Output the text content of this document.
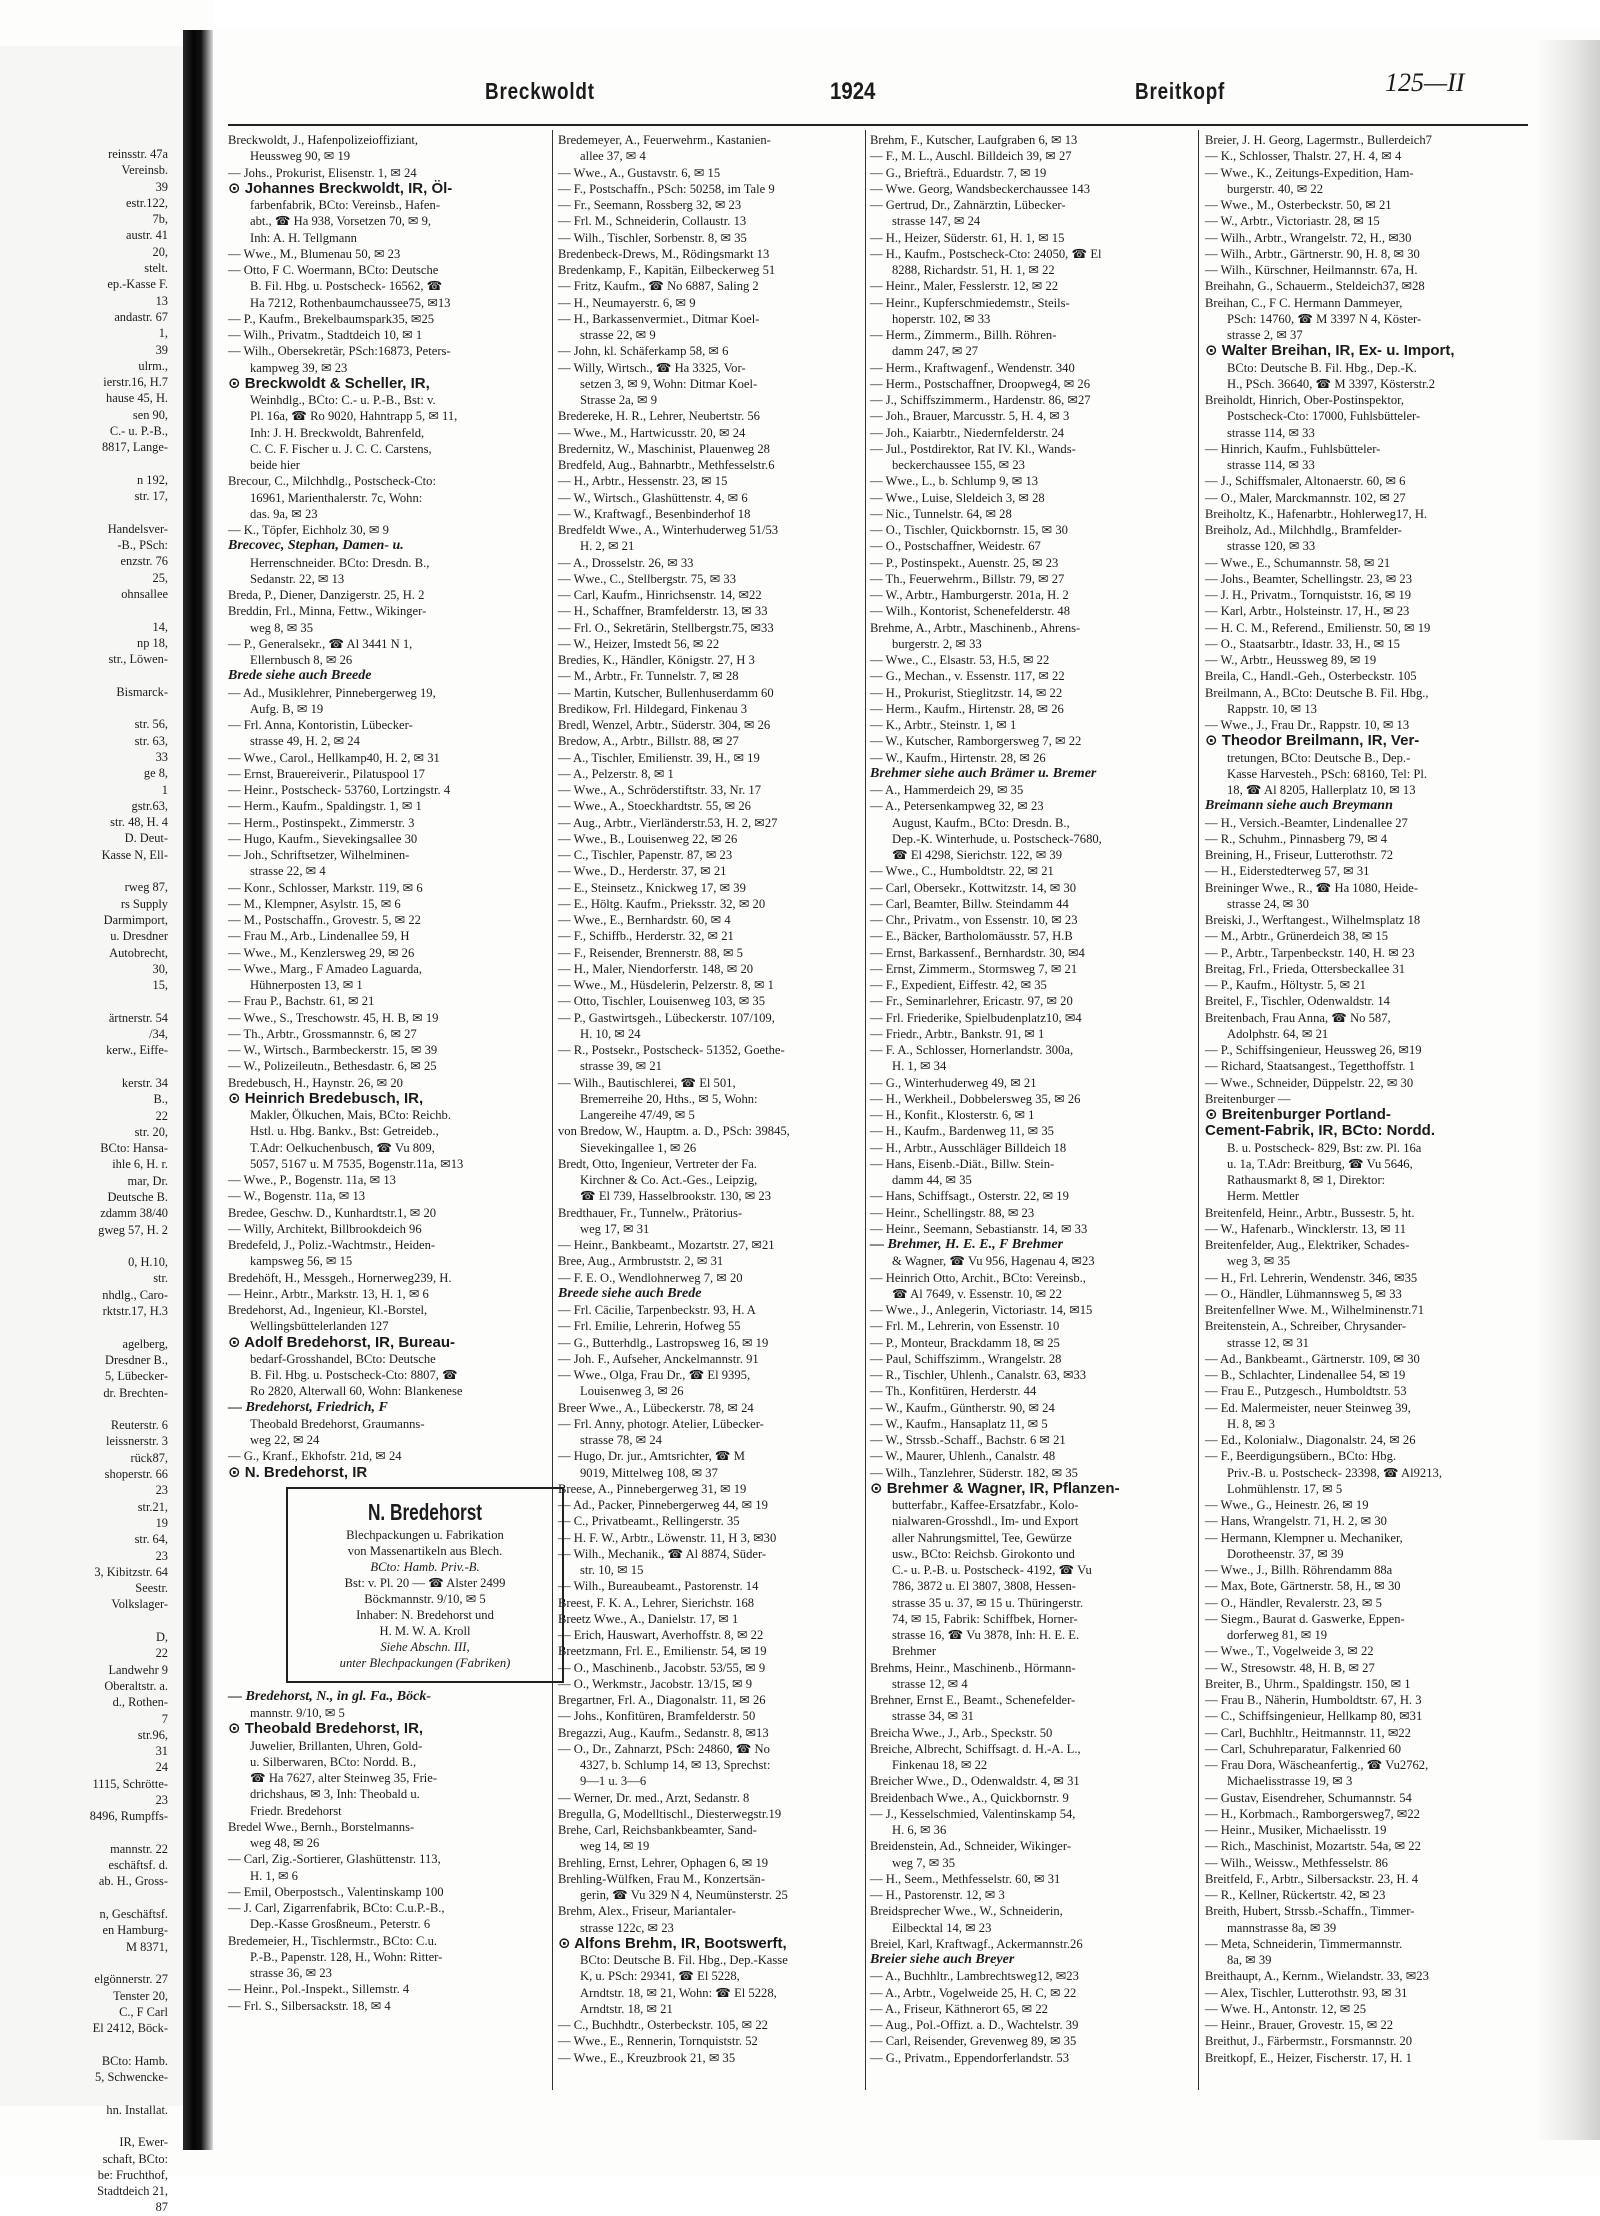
reinsstr. 47a
Vereinsb.
39
estr.122,
7b,
austr. 41
20,
stelt.
ep.-Kasse F.
13
andastr. 67
1,
39
ulrm.,
ierstr.16, H.7
hause 45, H.
sen 90,
C.- u. P.-B.,
8817, Lange-

n 192,
str. 17,

Handelsver-
-B., PSch:
enzstr. 76
25,
ohnsallee

14,
np 18,
str., Löwen-

Bismarck-

str. 56,
str. 63,
33
ge 8,
1
gstr.63,
str. 48, H. 4
D. Deut-
Kasse N, Ell-

rweg 87,
rs Supply
Darmimport,
u. Dresdner
Autobrecht,
30,
15,

ärtnerstr. 54
/34,
kerw., Eiffe-

kerstr. 34
B.,
22
str. 20,
BCto: Hansa-
ihle 6, H. r.
mar, Dr.
Deutsche B.
zdamm 38/40
gweg 57, H. 2

0, H.10,
str.
nhdlg., Caro-
rktstr.17, H.3

agelberg,
Dresdner B.,
5, Lübecker-
dr. Brechten-

Reuterstr. 6
leissnerstr. 3
rück87,
shoperstr. 66
23
str.21,
19
str. 64,
23
3, Kibitzstr. 64
Seestr.
Volkslager-

D,
22
Landwehr 9
Oberaltstr. a.
d., Rothen-
7
str.96,
31
24
1115, Schrötte-
23
8496, Rumpffs-

mannstr. 22
eschäftsf. d.
ab. H., Gross-

n, Geschäftsf.
en Hamburg-
M 8371,

elgönnerstr. 27
Tenster 20,
C., F Carl
El 2412, Böck-

BCto: Hamb.
5, Schwencke-

hn. Installat.

IR, Ewer-
schaft, BCto:
be: Fruchthof,
Stadtdeich 21,
87
Breckwoldt	1924	Breitkopf	125—II
Breckwoldt, J., Hafenpolizeioffiziant,
Heussweg 90, ✉ 19
— Johs., Prokurist, Elisenstr. 1, ✉ 24
⊙ Johannes Breckwoldt, IR, Öl-
farbenfabrik, BCto: Vereinsb., Hafen-
abt., ☎ Ha 938, Vorsetzen 70, ✉ 9,
Inh: A. H. Tellgmann
— Wwe., M., Blumenau 50, ✉ 23
— Otto, F C. Woermann, BCto: Deutsche
B. Fil. Hbg. u. Postscheck- 16562, ☎
Ha 7212, Rothenbaumchaussee75, ✉13
— P., Kaufm., Brekelbaumspark35, ✉25
— Wilh., Privatm., Stadtdeich 10, ✉ 1
— Wilh., Obersekretär, PSch:16873, Peters-
kampweg 39, ✉ 23
⊙ Breckwoldt & Scheller, IR,
Weinhdlg., BCto: C.- u. P.-B., Bst: v.
Pl. 16a, ☎ Ro 9020, Hahntrapp 5, ✉ 11,
Inh: J. H. Breckwoldt, Bahrenfeld,
C. C. F. Fischer u. J. C. C. Carstens,
beide hier
Brecour, C., Milchhdlg., Postscheck-Cto:
16961, Marienthalerstr. 7c, Wohn:
das. 9a, ✉ 23
— K., Töpfer, Eichholz 30, ✉ 9
Brecovec, Stephan, Damen- u.
Herrenschneider. BCto: Dresdn. B.,
Sedanstr. 22, ✉ 13
Breda, P., Diener, Danzigerstr. 25, H. 2
Breddin, Frl., Minna, Fettw., Wikinger-
weg 8, ✉ 35
— P., Generalsekr., ☎ Al 3441 N 1,
Ellernbusch 8, ✉ 26
Brede siehe auch Breede
— Ad., Musiklehrer, Pinnebergerweg 19,
Aufg. B, ✉ 19
— Frl. Anna, Kontoristin, Lübecker-
strasse 49, H. 2, ✉ 24
— Wwe., Carol., Hellkamp40, H. 2, ✉ 31
— Ernst, Brauereiverir., Pilatuspool 17
— Heinr., Postscheck- 53760, Lortzingstr. 4
— Herm., Kaufm., Spaldingstr. 1, ✉ 1
— Herm., Postinspekt., Zimmerstr. 3
— Hugo, Kaufm., Sievekingsallee 30
— Joh., Schriftsetzer, Wilhelminen-
strasse 22, ✉ 4
— Konr., Schlosser, Markstr. 119, ✉ 6
— M., Klempner, Asylstr. 15, ✉ 6
— M., Postschaffn., Grovestr. 5, ✉ 22
— Frau M., Arb., Lindenallee 59, H
— Wwe., M., Kenzlersweg 29, ✉ 26
— Wwe., Marg., F Amadeo Laguarda,
Hühnerposten 13, ✉ 1
— Frau P., Bachstr. 61, ✉ 21
— Wwe., S., Treschowstr. 45, H. B, ✉ 19
— Th., Arbtr., Grossmannstr. 6, ✉ 27
— W., Wirtsch., Barmbeckerstr. 15, ✉ 39
— W., Polizeileutn., Bethesdastr. 6, ✉ 25
Bredebusch, H., Haynstr. 26, ✉ 20
⊙ Heinrich Bredebusch, IR,
Makler, Ölkuchen, Mais, BCto: Reichb.
Hstl. u. Hbg. Bankv., Bst: Getreideb.,
T.Adr: Oelkuchenbusch, ☎ Vu 809,
5057, 5167 u. M 7535, Bogenstr.11a, ✉13
— Wwe., P., Bogenstr. 11a, ✉ 13
— W., Bogenstr. 11a, ✉ 13
Bredee, Geschw. D., Kunhardtstr.1, ✉ 20
— Willy, Architekt, Billbrookdeich 96
Bredefeld, J., Poliz.-Wachtmstr., Heiden-
kampsweg 56, ✉ 15
Bredehöft, H., Messgeh., Hornerweg239, H.
— Heinr., Arbtr., Markstr. 13, H. 1, ✉ 6
Bredehorst, Ad., Ingenieur, Kl.-Borstel,
Wellingsbüttelerlanden 127
⊙ Adolf Bredehorst, IR, Bureau-
bedarf-Grosshandel, BCto: Deutsche
B. Fil. Hbg. u. Postscheck-Cto: 8807, ☎
Ro 2820, Alterwall 60, Wohn: Blankenese
— Bredehorst, Friedrich, F
Theobald Bredehorst, Graumanns-
weg 22, ✉ 24
— G., Kranf., Ekhofstr. 21d, ✉ 24
⊙ N. Bredehorst, IR
N. Bredehorst
Blechpackungen u. Fabrikation
von Massenartikeln aus Blech.
BCto: Hamb. Priv.-B.
Bst: v. Pl. 20 — ☎ Alster 2499
Böckmannstr. 9/10, ✉ 5
Inhaber: N. Bredehorst und
H. M. W. A. Kroll
Siehe Abschn. III,
unter Blechpackungen (Fabriken)
— Bredehorst, N., in gl. Fa., Böck-
mannstr. 9/10, ✉ 5
⊙ Theobald Bredehorst, IR,
Juwelier, Brillanten, Uhren, Gold-
u. Silberwaren, BCto: Nordd. B.,
☎ Ha 7627, alter Steinweg 35, Frie-
drichshaus, ✉ 3, Inh: Theobald u.
Friedr. Bredehorst
Bredel Wwe., Bernh., Borstelmanns-
weg 48, ✉ 26
— Carl, Zig.-Sortierer, Glashüttenstr. 113,
H. 1, ✉ 6
— Emil, Oberpostsch., Valentinskamp 100
— J. Carl, Zigarrenfabrik, BCto: C.u.P.-B.,
Dep.-Kasse Grosßneum., Peterstr. 6
Bredemeier, H., Tischlermstr., BCto: C.u.
P.-B., Papenstr. 128, H., Wohn: Ritter-
strasse 36, ✉ 23
— Heinr., Pol.-Inspekt., Sillemstr. 4
— Frl. S., Silbersackstr. 18, ✉ 4
Bredemeyer, A., Feuerwehrm., Kastanien-
allee 37, ✉ 4
— Wwe., A., Gustavstr. 6, ✉ 15
— F., Postschaffn., PSch: 50258, im Tale 9
— Fr., Seemann, Rossberg 32, ✉ 23
— Frl. M., Schneiderin, Collaustr. 13
— Wilh., Tischler, Sorbenstr. 8, ✉ 35
Bredenbeck-Drews, M., Rödingsmarkt 13
Bredenkamp, F., Kapitän, Eilbeckerweg 51
— Fritz, Kaufm., ☎ No 6887, Saling 2
— H., Neumayerstr. 6, ✉ 9
— H., Barkassenvermiet., Ditmar Koel-
strasse 22, ✉ 9
— John, kl. Schäferkamp 58, ✉ 6
— Willy, Wirtsch., ☎ Ha 3325, Vor-
setzen 3, ✉ 9, Wohn: Ditmar Koel-
Strasse 2a, ✉ 9
Bredereke, H. R., Lehrer, Neubertstr. 56
— Wwe., M., Hartwicusstr. 20, ✉ 24
Bredernitz, W., Maschinist, Plauenweg 28
Bredfeld, Aug., Bahnarbtr., Methfesselstr.6
— H., Arbtr., Hessenstr. 23, ✉ 15
— W., Wirtsch., Glashüttenstr. 4, ✉ 6
— W., Kraftwagf., Besenbinderhof 18
Bredfeldt Wwe., A., Winterhuderweg 51/53
H. 2, ✉ 21
— A., Drosselstr. 26, ✉ 33
— Wwe., C., Stellbergstr. 75, ✉ 33
— Carl, Kaufm., Hinrichsenstr. 14, ✉22
— H., Schaffner, Bramfelderstr. 13, ✉ 33
— Frl. O., Sekretärin, Stellbergstr.75, ✉33
— W., Heizer, Imstedt 56, ✉ 22
Bredies, K., Händler, Königstr. 27, H 3
— M., Arbtr., Fr. Tunnelstr. 7, ✉ 28
— Martin, Kutscher, Bullenhuserdamm 60
Bredikow, Frl. Hildegard, Finkenau 3
Bredl, Wenzel, Arbtr., Süderstr. 304, ✉ 26
Bredow, A., Arbtr., Billstr. 88, ✉ 27
— A., Tischler, Emilienstr. 39, H., ✉ 19
— A., Pelzerstr. 8, ✉ 1
— Wwe., A., Schröderstiftstr. 33, Nr. 17
— Wwe., A., Stoeckhardtstr. 55, ✉ 26
— Aug., Arbtr., Vierländerstr.53, H. 2, ✉27
— Wwe., B., Louisenweg 22, ✉ 26
— C., Tischler, Papenstr. 87, ✉ 23
— Wwe., D., Herderstr. 37, ✉ 21
— E., Steinsetz., Knickweg 17, ✉ 39
— E., Höltg. Kaufm., Prieksstr. 32, ✉ 20
— Wwe., E., Bernhardstr. 60, ✉ 4
— F., Schiffb., Herderstr. 32, ✉ 21
— F., Reisender, Brennerstr. 88, ✉ 5
— H., Maler, Niendorferstr. 148, ✉ 20
— Wwe., M., Hüsdelerin, Pelzerstr. 8, ✉ 1
— Otto, Tischler, Louisenweg 103, ✉ 35
— P., Gastwirtsgeh., Lübeckerstr. 107/109,
H. 10, ✉ 24
— R., Postsekr., Postscheck- 51352, Goethe-
strasse 39, ✉ 21
— Wilh., Bautischlerei, ☎ El 501,
Bremerreihe 20, Hths., ✉ 5, Wohn:
Langereihe 47/49, ✉ 5
von Bredow, W., Hauptm. a. D., PSch: 39845,
Sievekingallee 1, ✉ 26
Bredt, Otto, Ingenieur, Vertreter der Fa.
Kirchner & Co. Act.-Ges., Leipzig,
☎ El 739, Hasselbrookstr. 130, ✉ 23
Bredthauer, Fr., Tunnelw., Prätorius-
weg 17, ✉ 31
— Heinr., Bankbeamt., Mozartstr. 27, ✉21
Bree, Aug., Armbruststr. 2, ✉ 31
— F. E. O., Wendlohnerweg 7, ✉ 20
Breede siehe auch Brede
— Frl. Cäcilie, Tarpenbeckstr. 93, H. A
— Frl. Emilie, Lehrerin, Hofweg 55
— G., Butterhdlg., Lastropsweg 16, ✉ 19
— Joh. F., Aufseher, Anckelmannstr. 91
— Wwe., Olga, Frau Dr., ☎ El 9395,
Louisenweg 3, ✉ 26
Breer Wwe., A., Lübeckerstr. 78, ✉ 24
— Frl. Anny, photogr. Atelier, Lübecker-
strasse 78, ✉ 24
— Hugo, Dr. jur., Amtsrichter, ☎ M
9019, Mittelweg 108, ✉ 37
Breese, A., Pinnebergerweg 31, ✉ 19
— Ad., Packer, Pinnebergerweg 44, ✉ 19
— C., Privatbeamt., Rellingerstr. 35
— H. F. W., Arbtr., Löwenstr. 11, H 3, ✉30
— Wilh., Mechanik., ☎ Al 8874, Süder-
str. 10, ✉ 15
— Wilh., Bureaubeamt., Pastorenstr. 14
Breest, F. K. A., Lehrer, Sierichstr. 168
Breetz Wwe., A., Danielstr. 17, ✉ 1
— Erich, Hauswart, Averhoffstr. 8, ✉ 22
Breetzmann, Frl. E., Emilienstr. 54, ✉ 19
— O., Maschinenb., Jacobstr. 53/55, ✉ 9
— O., Werkmstr., Jacobstr. 13/15, ✉ 9
Bregartner, Frl. A., Diagonalstr. 11, ✉ 26
— Johs., Konfitüren, Bramfelderstr. 50
Bregazzi, Aug., Kaufm., Sedanstr. 8, ✉13
— O., Dr., Zahnarzt, PSch: 24860, ☎ No
4327, b. Schlump 14, ✉ 13, Sprechst:
9—1 u. 3—6
— Werner, Dr. med., Arzt, Sedanstr. 8
Bregulla, G, Modelltischl., Diesterwegstr.19
Brehe, Carl, Reichsbankbeamter, Sand-
weg 14, ✉ 19
Brehling, Ernst, Lehrer, Ophagen 6, ✉ 19
Brehling-Wülfken, Frau M., Konzertsän-
gerin, ☎ Vu 329 N 4, Neumünsterstr. 25
Brehm, Alex., Friseur, Mariantaler-
strasse 122c, ✉ 23
⊙ Alfons Brehm, IR, Bootswerft,
BCto: Deutsche B. Fil. Hbg., Dep.-Kasse
K, u. PSch: 29341, ☎ El 5228,
Arndtstr. 18, ✉ 21, Wohn: ☎ El 5228,
Arndtstr. 18, ✉ 21
— C., Buchhdtr., Osterbeckstr. 105, ✉ 22
— Wwe., E., Rennerin, Tornquiststr. 52
— Wwe., E., Kreuzbrook 21, ✉ 35
Brehm, F., Kutscher, Laufgraben 6, ✉ 13
— F., M. L., Auschl. Billdeich 39, ✉ 27
— G., Briefträ., Eduardstr. 7, ✉ 19
— Wwe. Georg, Wandsbeckerchaussee 143
— Gertrud, Dr., Zahnärztin, Lübecker-
strasse 147, ✉ 24
— H., Heizer, Süderstr. 61, H. 1, ✉ 15
— H., Kaufm., Postscheck-Cto: 24050, ☎ El
8288, Richardstr. 51, H. 1, ✉ 22
— Heinr., Maler, Fesslerstr. 12, ✉ 22
— Heinr., Kupferschmiedemstr., Steils-
hoperstr. 102, ✉ 33
— Herm., Zimmerm., Billh. Röhren-
damm 247, ✉ 27
— Herm., Kraftwagenf., Wendenstr. 340
— Herm., Postschaffner, Droopweg4, ✉ 26
— J., Schiffszimmerm., Hardenstr. 86, ✉27
— Joh., Brauer, Marcusstr. 5, H. 4, ✉ 3
— Joh., Kaiarbtr., Niedernfelderstr. 24
— Jul., Postdirektor, Rat IV. Kl., Wands-
beckerchaussee 155, ✉ 23
— Wwe., L., b. Schlump 9, ✉ 13
— Wwe., Luise, Sleldeich 3, ✉ 28
— Nic., Tunnelstr. 64, ✉ 28
— O., Tischler, Quickbornstr. 15, ✉ 30
— O., Postschaffner, Weidestr. 67
— P., Postinspekt., Auenstr. 25, ✉ 23
— Th., Feuerwehrm., Billstr. 79, ✉ 27
— W., Arbtr., Hamburgerstr. 201a, H. 2
— Wilh., Kontorist, Schenefelderstr. 48
Brehme, A., Arbtr., Maschinenb., Ahrens-
burgerstr. 2, ✉ 33
— Wwe., C., Elsastr. 53, H.5, ✉ 22
— G., Mechan., v. Essenstr. 117, ✉ 22
— H., Prokurist, Stieglitzstr. 14, ✉ 22
— Herm., Kaufm., Hirtenstr. 28, ✉ 26
— K., Arbtr., Steinstr. 1, ✉ 1
— W., Kutscher, Ramborgersweg 7, ✉ 22
— W., Kaufm., Hirtenstr. 28, ✉ 26
Brehmer siehe auch Brämer u. Bremer
— A., Hammerdeich 29, ✉ 35
— A., Petersenkampweg 32, ✉ 23
August, Kaufm., BCto: Dresdn. B.,
Dep.-K. Winterhude, u. Postscheck-7680,
☎ El 4298, Sierichstr. 122, ✉ 39
— Wwe., C., Humboldtstr. 22, ✉ 21
— Carl, Obersekr., Kottwitzstr. 14, ✉ 30
— Carl, Beamter, Billw. Steindamm 44
— Chr., Privatm., von Essenstr. 10, ✉ 23
— E., Bäcker, Bartholomäusstr. 57, H.B
— Ernst, Barkassenf., Bernhardstr. 30, ✉4
— Ernst, Zimmerm., Stormsweg 7, ✉ 21
— F., Expedient, Eiffestr. 42, ✉ 35
— Fr., Seminarlehrer, Ericastr. 97, ✉ 20
— Frl. Friederike, Spielbudenplatz10, ✉4
— Friedr., Arbtr., Bankstr. 91, ✉ 1
— F. A., Schlosser, Hornerlandstr. 300a,
H. 1, ✉ 34
— G., Winterhuderweg 49, ✉ 21
— H., Werkheil., Dobbelersweg 35, ✉ 26
— H., Konfit., Klosterstr. 6, ✉ 1
— H., Kaufm., Bardenweg 11, ✉ 35
— H., Arbtr., Ausschläger Billdeich 18
— Hans, Eisenb.-Diät., Billw. Stein-
damm 44, ✉ 35
— Hans, Schiffsagt., Osterstr. 22, ✉ 19
— Heinr., Schellingstr. 88, ✉ 23
— Heinr., Seemann, Sebastianstr. 14, ✉ 33
— Brehmer, H. E. E., F Brehmer
& Wagner, ☎ Vu 956, Hagenau 4, ✉23
— Heinrich Otto, Archit., BCto: Vereinsb.,
☎ Al 7649, v. Essenstr. 10, ✉ 22
— Wwe., J., Anlegerin, Victoriastr. 14, ✉15
— Frl. M., Lehrerin, von Essenstr. 10
— P., Monteur, Brackdamm 18, ✉ 25
— Paul, Schiffszimm., Wrangelstr. 28
— R., Tischler, Uhlenh., Canalstr. 63, ✉33
— Th., Konfitüren, Herderstr. 44
— W., Kaufm., Güntherstr. 90, ✉ 24
— W., Kaufm., Hansaplatz 11, ✉ 5
— W., Strssb.-Schaff., Bachstr. 6 ✉ 21
— W., Maurer, Uhlenh., Canalstr. 48
— Wilh., Tanzlehrer, Süderstr. 182, ✉ 35
⊙ Brehmer & Wagner, IR, Pflanzen-
butterfabr., Kaffee-Ersatzfabr., Kolo-
nialwaren-Grosshdl., Im- und Export
aller Nahrungsmittel, Tee, Gewürze
usw., BCto: Reichsb. Girokonto und
C.- u. P.-B. u. Postscheck- 4192, ☎ Vu
786, 3872 u. El 3807, 3808, Hessen-
strasse 35 u. 37, ✉ 15 u. Thüringerstr.
74, ✉ 15, Fabrik: Schiffbek, Horner-
strasse 16, ☎ Vu 3878, Inh: H. E. E.
Brehmer
Brehms, Heinr., Maschinenb., Hörmann-
strasse 12, ✉ 4
Brehner, Ernst E., Beamt., Schenefelder-
strasse 34, ✉ 31
Breicha Wwe., J., Arb., Speckstr. 50
Breiche, Albrecht, Schiffsagt. d. H.-A. L.,
Finkenau 18, ✉ 22
Breicher Wwe., D., Odenwaldstr. 4, ✉ 31
Breidenbach Wwe., A., Quickbornstr. 9
— J., Kesselschmied, Valentinskamp 54,
H. 6, ✉ 36
Breidenstein, Ad., Schneider, Wikinger-
weg 7, ✉ 35
— H., Seem., Methfesselstr. 60, ✉ 31
— H., Pastorenstr. 12, ✉ 3
Breidsprecher Wwe., W., Schneiderin,
Eilbecktal 14, ✉ 23
Breiel, Karl, Kraftwagf., Ackermannstr.26
Breier siehe auch Breyer
— A., Buchhltr., Lambrechtsweg12, ✉23
— A., Arbtr., Vogelweide 25, H. C, ✉ 22
— A., Friseur, Käthnerort 65, ✉ 22
— Aug., Pol.-Offizt. a. D., Wachtelstr. 39
— Carl, Reisender, Grevenweg 89, ✉ 35
— G., Privatm., Eppendorferlandstr. 53
Breier, J. H. Georg, Lagermstr., Bullerdeich7
— K., Schlosser, Thalstr. 27, H. 4, ✉ 4
— Wwe., K., Zeitungs-Expedition, Ham-
burgerstr. 40, ✉ 22
— Wwe., M., Osterbeckstr. 50, ✉ 21
— W., Arbtr., Victoriastr. 28, ✉ 15
— Wilh., Arbtr., Wrangelstr. 72, H., ✉30
— Wilh., Arbtr., Gärtnerstr. 90, H. 8, ✉ 30
— Wilh., Kürschner, Heilmannstr. 67a, H.
Breihahn, G., Schauerm., Steldeich37, ✉28
Breihan, C., F C. Hermann Dammeyer,
PSch: 14760, ☎ M 3397 N 4, Köster-
strasse 2, ✉ 37
⊙ Walter Breihan, IR, Ex- u. Import,
BCto: Deutsche B. Fil. Hbg., Dep.-K.
H., PSch. 36640, ☎ M 3397, Kösterstr.2
Breiholdt, Hinrich, Ober-Postinspektor,
Postscheck-Cto: 17000, Fuhlsbütteler-
strasse 114, ✉ 33
— Hinrich, Kaufm., Fuhlsbütteler-
strasse 114, ✉ 33
— J., Schiffsmaler, Altonaerstr. 60, ✉ 6
— O., Maler, Marckmannstr. 102, ✉ 27
Breiholtz, K., Hafenarbtr., Hohlerweg17, H.
Breiholz, Ad., Milchhdlg., Bramfelder-
strasse 120, ✉ 33
— Wwe., E., Schumannstr. 58, ✉ 21
— Johs., Beamter, Schellingstr. 23, ✉ 23
— J. H., Privatm., Tornquiststr. 16, ✉ 19
— Karl, Arbtr., Holsteinstr. 17, H., ✉ 23
— H. C. M., Referend., Emilienstr. 50, ✉ 19
— O., Staatsarbtr., Idastr. 33, H., ✉ 15
— W., Arbtr., Heussweg 89, ✉ 19
Breila, C., Handl.-Geh., Osterbeckstr. 105
Breilmann, A., BCto: Deutsche B. Fil. Hbg.,
Rappstr. 10, ✉ 13
— Wwe., J., Frau Dr., Rappstr. 10, ✉ 13
⊙ Theodor Breilmann, IR, Ver-
tretungen, BCto: Deutsche B., Dep.-
Kasse Harvesteh., PSch: 68160, Tel: Pl.
18, ☎ Al 8205, Hallerplatz 10, ✉ 13
Breimann siehe auch Breymann
— H., Versich.-Beamter, Lindenallee 27
— R., Schuhm., Pinnasberg 79, ✉ 4
Breining, H., Friseur, Lutterothstr. 72
— H., Eiderstedterweg 57, ✉ 31
Breininger Wwe., R., ☎ Ha 1080, Heide-
strasse 24, ✉ 30
Breiski, J., Werftangest., Wilhelmsplatz 18
— M., Arbtr., Grünerdeich 38, ✉ 15
— P., Arbtr., Tarpenbeckstr. 140, H. ✉ 23
Breitag, Frl., Frieda, Ottersbeckallee 31
— P., Kaufm., Höltystr. 5, ✉ 21
Breitel, F., Tischler, Odenwaldstr. 14
Breitenbach, Frau Anna, ☎ No 587,
Adolphstr. 64, ✉ 21
— P., Schiffsingenieur, Heussweg 26, ✉19
— Richard, Staatsangest., Tegetthoffstr. 1
— Wwe., Schneider, Düppelstr. 22, ✉ 30
Breitenburger —
⊙ Breitenburger Portland-
Cement-Fabrik, IR, BCto: Nordd.
B. u. Postscheck- 829, Bst: zw. Pl. 16a
u. 1a, T.Adr: Breitburg, ☎ Vu 5646,
Rathausmarkt 8, ✉ 1, Direktor:
Herm. Mettler
Breitenfeld, Heinr., Arbtr., Bussestr. 5, ht.
— W., Hafenarb., Wincklerstr. 13, ✉ 11
Breitenfelder, Aug., Elektriker, Schades-
weg 3, ✉ 35
— H., Frl. Lehrerin, Wendenstr. 346, ✉35
— O., Händler, Lühmannsweg 5, ✉ 33
Breitenfellner Wwe. M., Wilhelminenstr.71
Breitenstein, A., Schreiber, Chrysander-
strasse 12, ✉ 31
— Ad., Bankbeamt., Gärtnerstr. 109, ✉ 30
— B., Schlachter, Lindenallee 54, ✉ 19
— Frau E., Putzgesch., Humboldtstr. 53
— Ed. Malermeister, neuer Steinweg 39,
H. 8, ✉ 3
— Ed., Kolonialw., Diagonalstr. 24, ✉ 26
— F., Beerdigungsübern., BCto: Hbg.
Priv.-B. u. Postscheck- 23398, ☎ Al9213,
Lohmühlenstr. 17, ✉ 5
— Wwe., G., Heinestr. 26, ✉ 19
— Hans, Wrangelstr. 71, H. 2, ✉ 30
— Hermann, Klempner u. Mechaniker,
Dorotheenstr. 37, ✉ 39
— Wwe., J., Billh. Röhrendamm 88a
— Max, Bote, Gärtnerstr. 58, H., ✉ 30
— O., Händler, Revalerstr. 23, ✉ 5
— Siegm., Baurat d. Gaswerke, Eppen-
dorferweg 81, ✉ 19
— Wwe., T., Vogelweide 3, ✉ 22
— W., Stresowstr. 48, H. B, ✉ 27
Breiter, B., Uhrm., Spaldingstr. 150, ✉ 1
— Frau B., Näherin, Humboldtstr. 67, H. 3
— C., Schiffsingenieur, Hellkamp 80, ✉31
— Carl, Buchhltr., Heitmannstr. 11, ✉22
— Carl, Schuhreparatur, Falkenried 60
— Frau Dora, Wäscheanfertig., ☎ Vu2762,
Michaelisstrasse 19, ✉ 3
— Gustav, Eisendreher, Schumannstr. 54
— H., Korbmach., Ramborgersweg7, ✉22
— Heinr., Musiker, Michaelisstr. 19
— Rich., Maschinist, Mozartstr. 54a, ✉ 22
— Wilh., Weissw., Methfesselstr. 86
Breitfeld, F., Arbtr., Silbersackstr. 23, H. 4
— R., Kellner, Rückertstr. 42, ✉ 23
Breith, Hubert, Strssb.-Schaffn., Timmer-
mannstrasse 8a, ✉ 39
— Meta, Schneiderin, Timmermannstr.
8a, ✉ 39
Breithaupt, A., Kernm., Wielandstr. 33, ✉23
— Alex, Tischler, Lutterothstr. 93, ✉ 31
— Wwe. H., Antonstr. 12, ✉ 25
— Heinr., Brauer, Grovestr. 15, ✉ 22
Breithut, J., Färbermstr., Forsmannstr. 20
Breitkopf, E., Heizer, Fischerstr. 17, H. 1
